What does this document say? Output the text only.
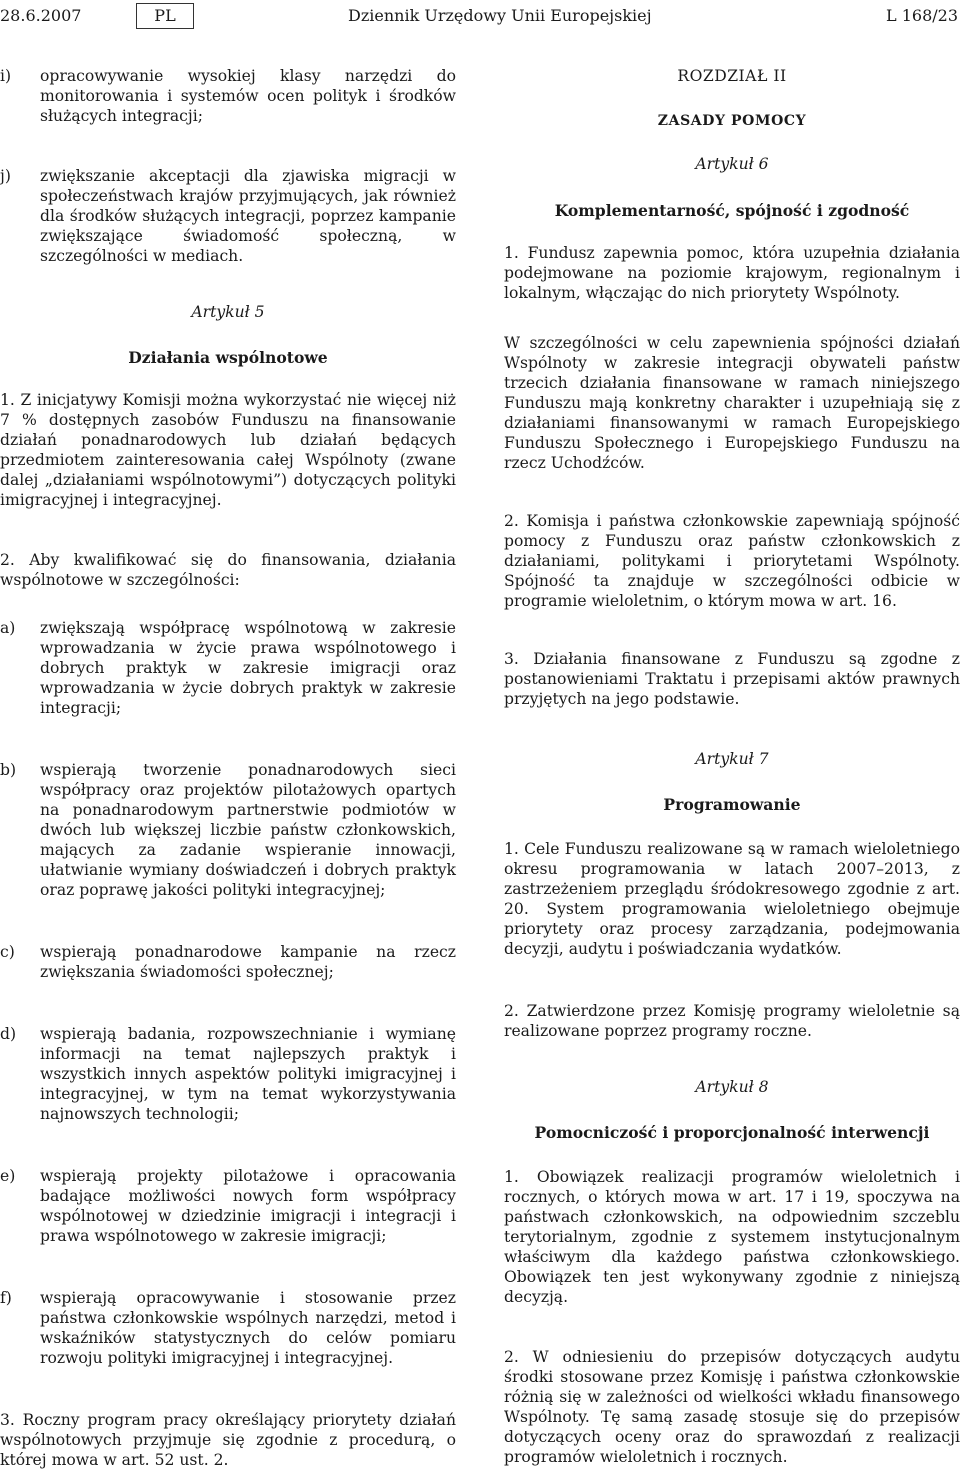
28.6.2007	PL	Dziennik Urzędowy Unii Europejskiej	L 168/23
i)	opracowywanie wysokiej klasy narzędzi do monitorowania i systemów ocen polityk i środków służących integracji;
j)	zwiększanie akceptacji dla zjawiska migracji w społeczeństwach krajów przyjmujących, jak również dla środków służących integracji, poprzez kampanie zwiększające świadomość społeczną, w szczególności w mediach.

Artykuł 5

Działania wspólnotowe

1. Z inicjatywy Komisji można wykorzystać nie więcej niż 7 % dostępnych zasobów Funduszu na finansowanie działań ponadnarodowych lub działań będących przedmiotem zainteresowania całej Wspólnoty (zwane dalej „działaniami wspólnotowymi”) dotyczących polityki imigracyjnej i integracyjnej.

2. Aby kwalifikować się do finansowania, działania wspólnotowe w szczególności:

a)	zwiększają współpracę wspólnotową w zakresie wprowadzania w życie prawa wspólnotowego i dobrych praktyk w zakresie imigracji oraz wprowadzania w życie dobrych praktyk w zakresie integracji;
b)	wspierają tworzenie ponadnarodowych sieci współpracy oraz projektów pilotażowych opartych na ponadnarodowym partnerstwie podmiotów w dwóch lub większej liczbie państw członkowskich, mających za zadanie wspieranie innowacji, ułatwianie wymiany doświadczeń i dobrych praktyk oraz poprawę jakości polityki integracyjnej;
c)	wspierają ponadnarodowe kampanie na rzecz zwiększania świadomości społecznej;
d)	wspierają badania, rozpowszechnianie i wymianę informacji na temat najlepszych praktyk i wszystkich innych aspektów polityki imigracyjnej i integracyjnej, w tym na temat wykorzystywania najnowszych technologii;
e)	wspierają projekty pilotażowe i opracowania badające możliwości nowych form współpracy wspólnotowej w dziedzinie imigracji i integracji i prawa wspólnotowego w zakresie imigracji;
f)	wspierają opracowywanie i stosowanie przez państwa członkowskie wspólnych narzędzi, metod i wskaźników statystycznych do celów pomiaru rozwoju polityki imigracyjnej i integracyjnej.

3. Roczny program pracy określający priorytety działań wspólnotowych przyjmuje się zgodnie z procedurą, o której mowa w art. 52 ust. 2.

ROZDZIAŁ II

ZASADY POMOCY

Artykuł 6

Komplementarność, spójność i zgodność

1. Fundusz zapewnia pomoc, która uzupełnia działania podejmowane na poziomie krajowym, regionalnym i lokalnym, włączając do nich priorytety Wspólnoty.

W szczególności w celu zapewnienia spójności działań Wspólnoty w zakresie integracji obywateli państw trzecich działania finansowane w ramach niniejszego Funduszu mają konkretny charakter i uzupełniają się z działaniami finansowanymi w ramach Europejskiego Funduszu Społecznego i Europejskiego Funduszu na rzecz Uchodźców.

2. Komisja i państwa członkowskie zapewniają spójność pomocy z Funduszu oraz państw członkowskich z działaniami, politykami i priorytetami Wspólnoty. Spójność ta znajduje w szczególności odbicie w programie wieloletnim, o którym mowa w art. 16.

3. Działania finansowane z Funduszu są zgodne z postanowieniami Traktatu i przepisami aktów prawnych przyjętych na jego podstawie.

Artykuł 7

Programowanie

1. Cele Funduszu realizowane są w ramach wieloletniego okresu programowania w latach 2007–2013, z zastrzeżeniem przeglądu śródokresowego zgodnie z art. 20. System programowania wieloletniego obejmuje priorytety oraz procesy zarządzania, podejmowania decyzji, audytu i poświadczania wydatków.

2. Zatwierdzone przez Komisję programy wieloletnie są realizowane poprzez programy roczne.

Artykuł 8

Pomocniczość i proporcjonalność interwencji

1. Obowiązek realizacji programów wieloletnich i rocznych, o których mowa w art. 17 i 19, spoczywa na państwach członkowskich, na odpowiednim szczeblu terytorialnym, zgodnie z systemem instytucjonalnym właściwym dla każdego państwa członkowskiego. Obowiązek ten jest wykonywany zgodnie z niniejszą decyzją.

2. W odniesieniu do przepisów dotyczących audytu środki stosowane przez Komisję i państwa członkowskie różnią się w zależności od wielkości wkładu finansowego Wspólnoty. Tę samą zasadę stosuje się do przepisów dotyczących oceny oraz do sprawozdań z realizacji programów wieloletnich i rocznych.
